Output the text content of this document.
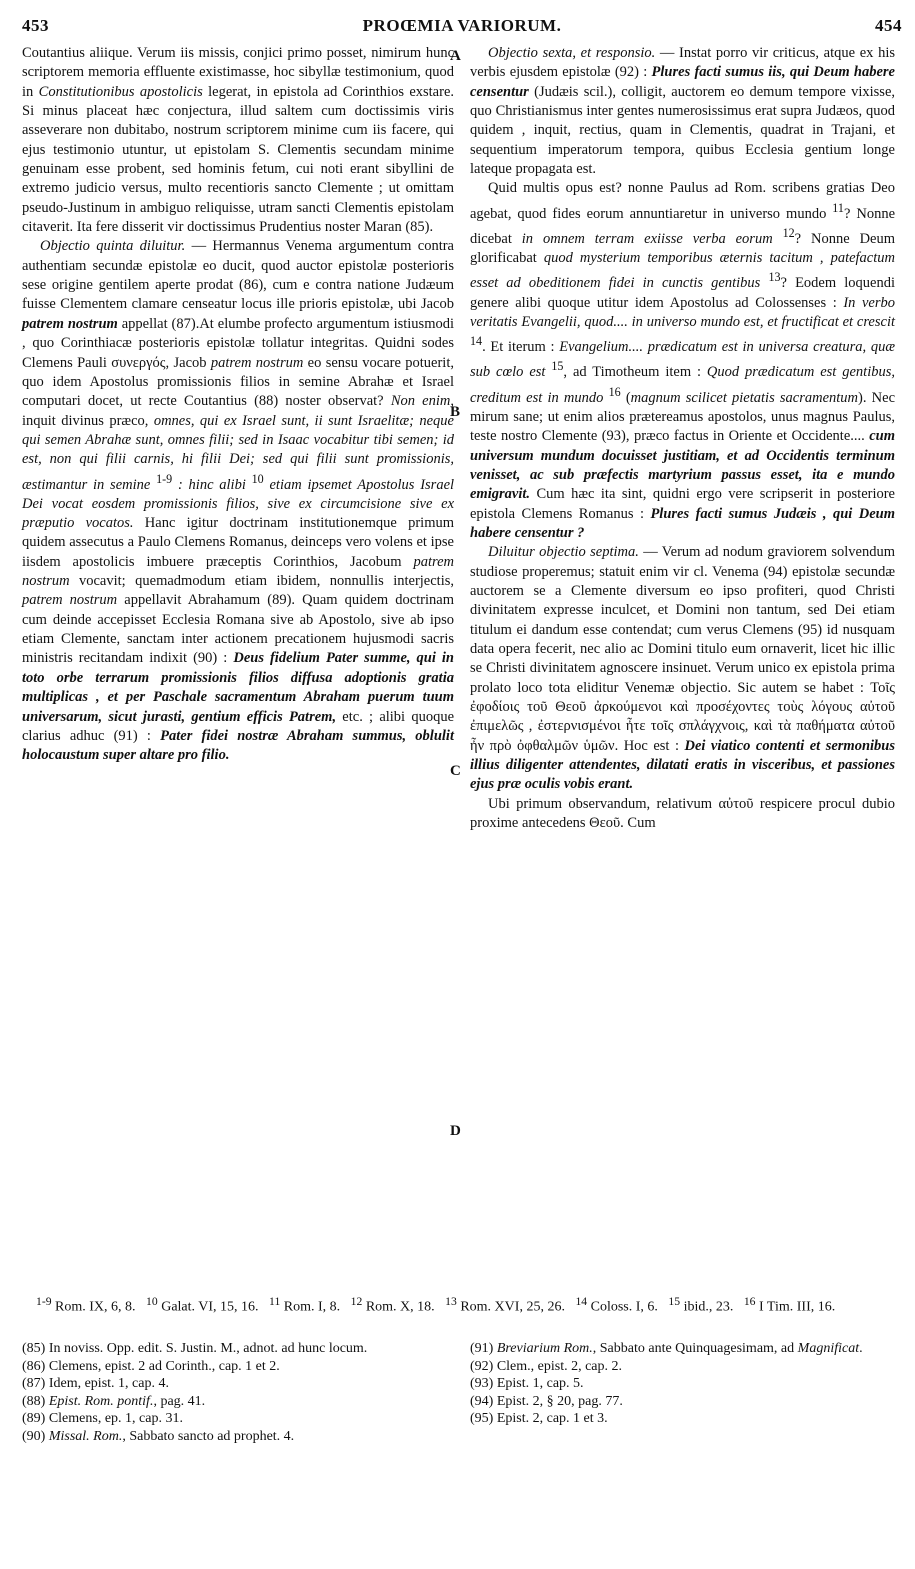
453	PROŒMIA VARIORUM.	454

Coutantius aliique. Verum iis missis, conjici primo posset, nimirum hunc scriptorem memoria effluente existimasse, hoc sibyllæ testimonium, quod in Constitutionibus apostolicis legerat, in epistola ad Corinthios exstare. Si minus placeat hæc conjectura, illud saltem cum doctissimis viris asseverare non dubitabo, nostrum scriptorem minime cum iis facere, qui ejus testimonio utuntur, ut epistolam S. Clementis secundam minime genuinam esse probent, sed hominis fetum, cui noti erant sibyllini de extremo judicio versus, multo recentioris sancto Clemente ; ut omittam pseudo-Justinum in ambiguo reliquisse, utram sancti Clementis epistolam citaverit. Ita fere disserit vir doctissimus Prudentius noster Maran (85).

Objectio quinta diluitur. — Hermannus Venema argumentum contra authentiam secundæ epistolæ eo ducit, quod auctor epistolæ posterioris sese origine gentilem aperte prodat (86), cum e contra natione Judæum fuisse Clementem clamare censeatur locus ille prioris epistolæ, ubi Jacob patrem nostrum appellat (87).At elumbe profecto argumentum istiusmodi , quo Corinthiacæ posterioris epistolæ tollatur integritas. Quidni sodes Clemens Pauli συνεργός, Jacob patrem nostrum eo sensu vocare potuerit, quo idem Apostolus promissionis filios in semine Abrahæ et Israel computari docet, ut recte Coutantius (88) noster observat? Non enim, inquit divinus præco, omnes, qui ex Israel sunt, ii sunt Israelitæ; neque qui semen Abrahæ sunt, omnes filii; sed in Isaac vocabitur tibi semen; id est, non qui filii carnis, hi filii Dei; sed qui filii sunt promissionis, æstimantur in semine $^{1-9}$ : hinc alibi $^{10}$ etiam ipsemet Apostolus Israel Dei vocat eosdem promissionis filios, sive ex circumcisione sive ex præputio vocatos. Hanc igitur doctrinam institutionemque primum quidem assecutus a Paulo Clemens Romanus, deinceps vero volens et ipse iisdem apostolicis imbuere præceptis Corinthios, Jacobum patrem nostrum vocavit; quemadmodum etiam ibidem, nonnullis interjectis, patrem nostrum appellavit Abrahamum (89). Quam quidem doctrinam cum deinde accepisset Ecclesia Romana sive ab Apostolo, sive ab ipso etiam Clemente, sanctam inter actionem precationem hujusmodi sacris ministris recitandam indixit (90) : Deus fidelium Pater summe, qui in toto orbe terrarum promissionis filios diffusa adoptionis gratia multiplicas , et per Paschale sacramentum Abraham puerum tuum universarum, sicut jurasti, gentium efficis Patrem, etc. ; alibi quoque clarius adhuc (91) : Pater fidei nostræ Abraham summus, oblulit holocaustum super altare pro filio.

Objectio sexta, et responsio. — Instat porro vir criticus, atque ex his verbis ejusdem epistolæ (92) : Plures facti sumus iis, qui Deum habere censentur (Judæis scil.), colligit, auctorem eo demum tempore vixisse, quo Christianismus inter gentes numerosissimus erat supra Judæos, quod quidem , inquit, rectius, quam in Clementis, quadrat in Trajani, et sequentium imperatorum tempora, quibus Ecclesia gentium longe lateque propagata est.

Quid multis opus est? nonne Paulus ad Rom. scribens gratias Deo agebat, quod fides eorum annuntiaretur in universo mundo $^{11}$? Nonne dicebat in omnem terram exiisse verba eorum $^{12}$? Nonne Deum glorificabat quod mysterium temporibus æternis tacitum , patefactum esset ad obeditionem fidei in cunctis gentibus $^{13}$? Eodem loquendi genere alibi quoque utitur idem Apostolus ad Colossenses : In verbo veritatis Evangelii, quod.... in universo mundo est, et fructificat et crescit $^{14}$. Et iterum : Evangelium.... prædicatum est in universa creatura, quæ sub cœlo est $^{15}$, ad Timotheum item : Quod prædicatum est gentibus, creditum est in mundo $^{16}$ (magnum scilicet pietatis sacramentum). Nec mirum sane; ut enim alios prætereamus apostolos, unus magnus Paulus, teste nostro Clemente (93), præco factus in Oriente et Occidente.... cum universum mundum docuisset justitiam, et ad Occidentis terminum venisset, ac sub præfectis martyrium passus esset, ita e mundo emigravit. Cum hæc ita sint, quidni ergo vere scripserit in posteriore epistola Clemens Romanus : Plures facti sumus Judæis , qui Deum habere censentur ?

Diluitur objectio septima. — Verum ad nodum graviorem solvendum studiose properemus; statuit enim vir cl. Venema (94) epistolæ secundæ auctorem se a Clemente diversum eo ipso profiteri, quod Christi divinitatem expresse inculcet, et Domini non tantum, sed Dei etiam titulum ei dandum esse contendat; cum verus Clemens (95) id nusquam data opera fecerit, nec alio ac Domini titulo eum ornaverit, licet hic illic se Christi divinitatem agnoscere insinuet. Verum unico ex epistola prima prolato loco tota eliditur Venemæ objectio. Sic autem se habet : Τοῖς ἐφοδίοις τοῦ Θεοῦ ἀρκούμενοι καὶ προσέχοντες τοὺς λόγους αὐτοῦ ἐπιμελῶς , ἐστερνισμένοι ἦτε τοῖς σπλάγχνοις, καὶ τὰ παθήματα αὐτοῦ ἦν πρὸ ὀφθαλμῶν ὑμῶν. Hoc est : Dei viatico contenti et sermonibus illius diligenter attendentes, dilatati eratis in visceribus, et passiones ejus præ oculis vobis erant.

Ubi primum observandum, relativum αὐτοῦ respicere procul dubio proxime antecedens Θεοῦ. Cum

A
B
C
D

$^{1-9}$ Rom. IX, 6, 8.   $^{10}$ Galat. VI, 15, 16.   $^{11}$ Rom. I, 8.   $^{12}$ Rom. X, 18.   $^{13}$ Rom. XVI, 25, 26.   $^{14}$ Coloss. I, 6.   $^{15}$ ibid., 23.   $^{16}$ I Tim. III, 16.

(85) In noviss. Opp. edit. S. Justin. M., adnot. ad hunc locum.
(86) Clemens, epist. 2 ad Corinth., cap. 1 et 2.
(87) Idem, epist. 1, cap. 4.
(88) Epist. Rom. pontif., pag. 41.
(89) Clemens, ep. 1, cap. 31.
(90) Missal. Rom., Sabbato sancto ad prophet. 4.
(91) Breviarium Rom., Sabbato ante Quinquagesimam, ad Magnificat.
(92) Clem., epist. 2, cap. 2.
(93) Epist. 1, cap. 5.
(94) Epist. 2, § 20, pag. 77.
(95) Epist. 2, cap. 1 et 3.
